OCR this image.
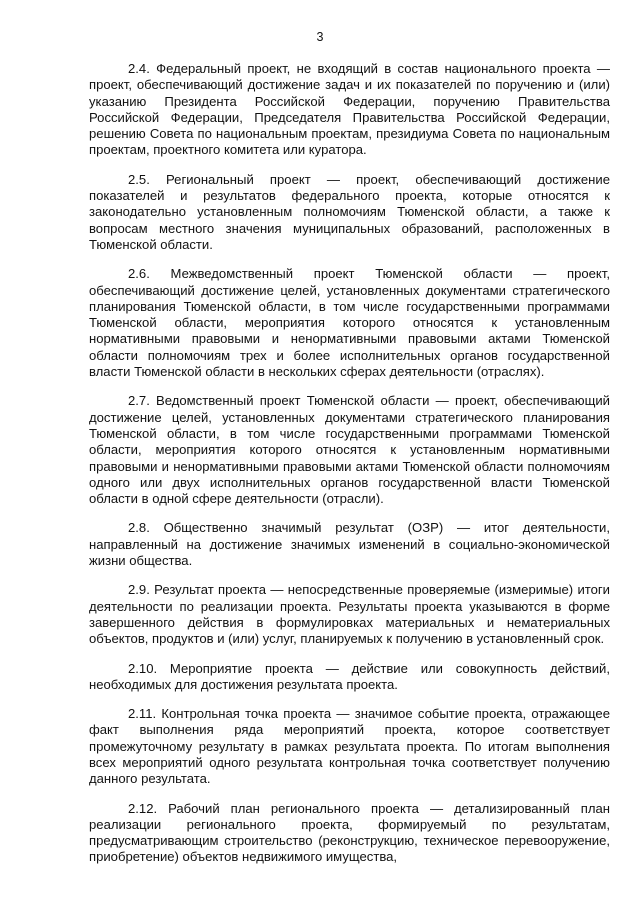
3

2.4. Федеральный проект, не входящий в состав национального проекта — проект, обеспечивающий достижение задач и их показателей по поручению и (или) указанию Президента Российской Федерации, поручению Правительства Российской Федерации, Председателя Правительства Российской Федерации, решению Совета по национальным проектам, президиума Совета по национальным проектам, проектного комитета или куратора.

2.5. Региональный проект — проект, обеспечивающий достижение показателей и результатов федерального проекта, которые относятся к законодательно установленным полномочиям Тюменской области, а также к вопросам местного значения муниципальных образований, расположенных в Тюменской области.

2.6. Межведомственный проект Тюменской области — проект, обеспечивающий достижение целей, установленных документами стратегического планирования Тюменской области, в том числе государственными программами Тюменской области, мероприятия которого относятся к установленным нормативными правовыми и ненормативными правовыми актами Тюменской области полномочиям трех и более исполнительных органов государственной власти Тюменской области в нескольких сферах деятельности (отраслях).

2.7. Ведомственный проект Тюменской области — проект, обеспечивающий достижение целей, установленных документами стратегического планирования Тюменской области, в том числе государственными программами Тюменской области, мероприятия которого относятся к установленным нормативными правовыми и ненормативными правовыми актами Тюменской области полномочиям одного или двух исполнительных органов государственной власти Тюменской области в одной сфере деятельности (отрасли).

2.8. Общественно значимый результат (ОЗР) — итог деятельности, направленный на достижение значимых изменений в социально-экономической жизни общества.

2.9. Результат проекта — непосредственные проверяемые (измеримые) итоги деятельности по реализации проекта. Результаты проекта указываются в форме завершенного действия в формулировках материальных и нематериальных объектов, продуктов и (или) услуг, планируемых к получению в установленный срок.

2.10. Мероприятие проекта — действие или совокупность действий, необходимых для достижения результата проекта.

2.11. Контрольная точка проекта — значимое событие проекта, отражающее факт выполнения ряда мероприятий проекта, которое соответствует промежуточному результату в рамках результата проекта. По итогам выполнения всех мероприятий одного результата контрольная точка соответствует получению данного результата.

2.12. Рабочий план регионального проекта — детализированный план реализации регионального проекта, формируемый по результатам, предусматривающим строительство (реконструкцию, техническое перевооружение, приобретение) объектов недвижимого имущества,
